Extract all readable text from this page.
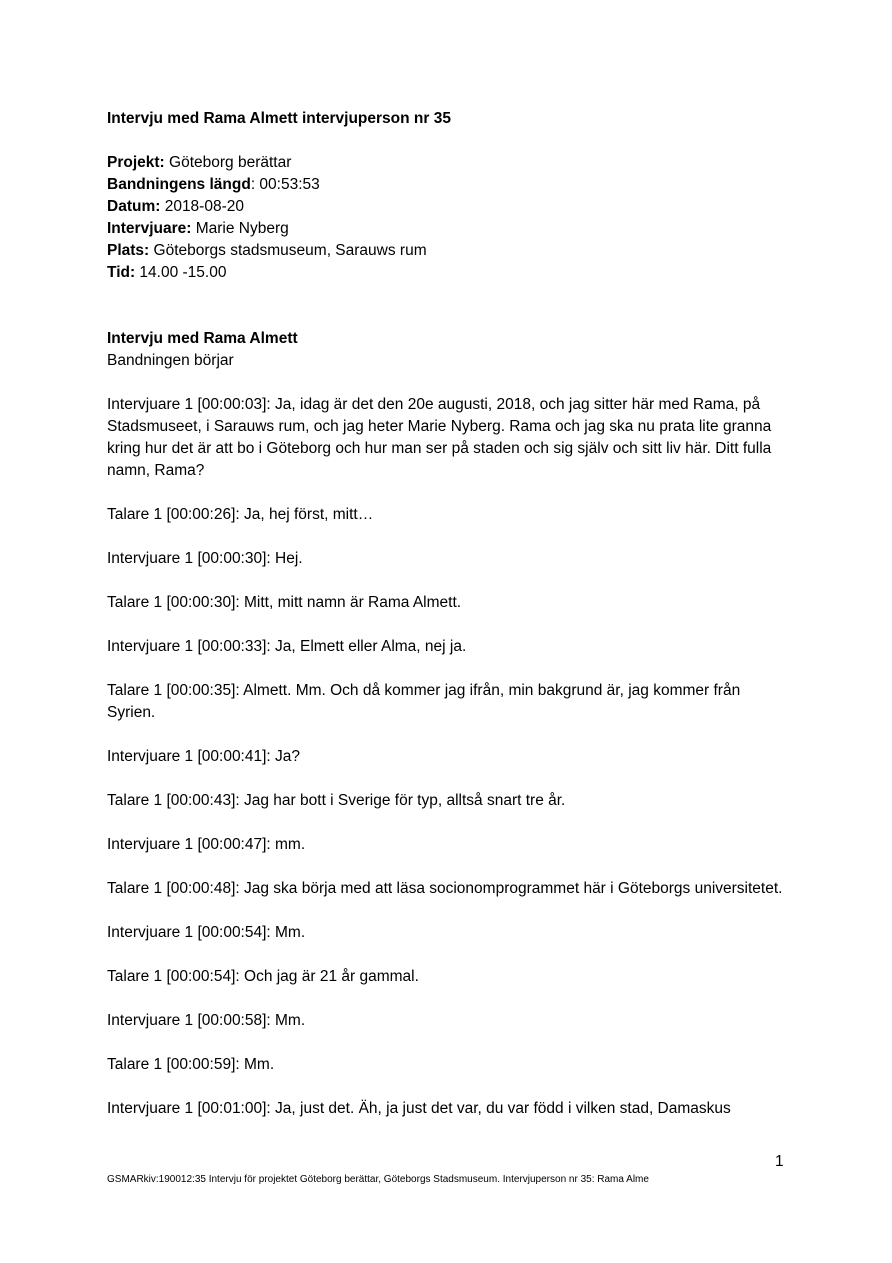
Intervju med Rama Almett intervjuperson nr 35

Projekt: Göteborg berättar

Bandningens längd: 00:53:53

Datum: 2018-08-20

Intervjuare: Marie Nyberg

Plats: Göteborgs stadsmuseum, Sarauws rum

Tid: 14.00 -15.00

Intervju med Rama Almett

Bandningen börjar

Intervjuare 1 [00:00:03]: Ja, idag är det den 20e augusti, 2018, och jag sitter här med Rama, på Stadsmuseet, i Sarauws rum, och jag heter Marie Nyberg. Rama och jag ska nu prata lite granna kring hur det är att bo i Göteborg och hur man ser på staden och sig själv och sitt liv här. Ditt fulla namn, Rama?

Talare 1 [00:00:26]: Ja, hej först, mitt…

Intervjuare 1 [00:00:30]: Hej.

Talare 1 [00:00:30]: Mitt, mitt namn är Rama Almett.

Intervjuare 1 [00:00:33]: Ja, Elmett eller Alma, nej ja.

Talare 1 [00:00:35]: Almett. Mm. Och då kommer jag ifrån, min bakgrund är, jag kommer från Syrien.

Intervjuare 1 [00:00:41]: Ja?

Talare 1 [00:00:43]: Jag har bott i Sverige för typ, alltså snart tre år.

Intervjuare 1 [00:00:47]: mm.

Talare 1 [00:00:48]: Jag ska börja med att läsa socionomprogrammet här i Göteborgs universitetet.

Intervjuare 1 [00:00:54]: Mm.

Talare 1 [00:00:54]: Och jag är 21 år gammal.

Intervjuare 1 [00:00:58]: Mm.

Talare 1 [00:00:59]: Mm.

Intervjuare 1 [00:01:00]: Ja, just det. Äh, ja just det var, du var född i vilken stad, Damaskus

1
GSMARkiv:190012:35 Intervju för projektet Göteborg berättar, Göteborgs Stadsmuseum. Intervjuperson nr 35: Rama Alme
